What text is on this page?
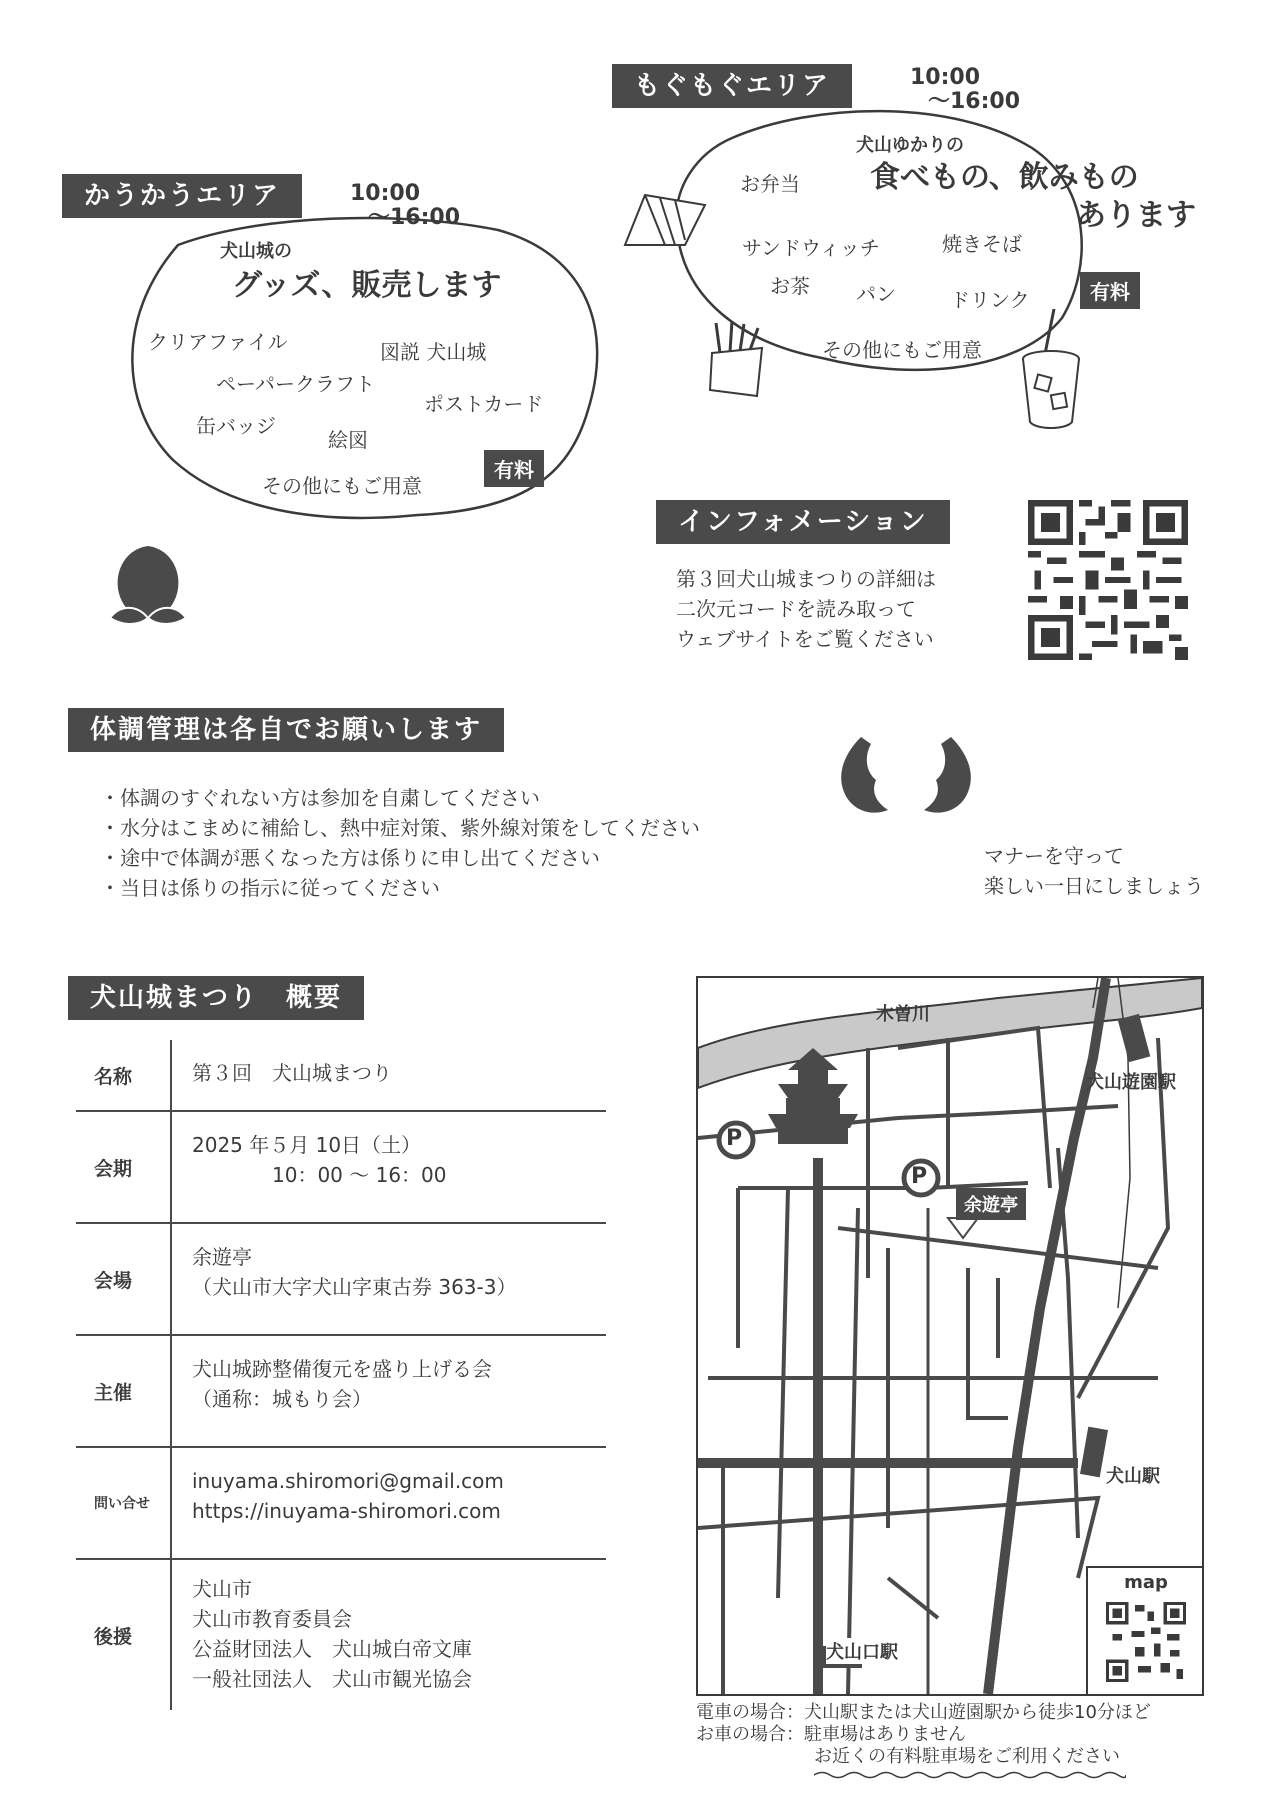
かうかうエリア	10:00
～16:00
犬山城の
グッズ、販売します
クリアファイル	図説 犬山城
ペーパークラフト
ポストカード
缶バッジ
絵図
その他にもご用意
有料
もぐもぐエリア	10:00
～16:00
犬山ゆかりの
食べもの、飲みもの
あります
お弁当
サンドウィッチ	焼きそば
お茶 パン	ドリンク
その他にもご用意
有料
インフォメーション
第３回犬山城まつりの詳細は
二次元コードを読み取って
ウェブサイトをご覧ください
体調管理は各自でお願いします
・体調のすぐれない方は参加を自粛してください
・水分はこまめに補給し、熱中症対策、紫外線対策をしてください
・途中で体調が悪くなった方は係りに申し出てください
・当日は係りの指示に従ってください
マナーを守って
楽しい一日にしましょう
犬山城まつり　概要
名称	第３回　犬山城まつり
会期
2025 年５月 10日（土）
　　　　10：00 ～ 16：00
会場
余遊亭
（犬山市大字犬山字東古券 363-3）
主催
犬山城跡整備復元を盛り上げる会
（通称：城もり会）
問い合せ
inuyama.shiromori@gmail.com
https://inuyama-shiromori.com
後援
犬山市
犬山市教育委員会
公益財団法人　犬山城白帝文庫
一般社団法人　犬山市観光協会
P
P
木曽川
犬山遊園駅
犬山駅
犬山口駅
余遊亭
map
電車の場合：犬山駅または犬山遊園駅から徒歩10分ほど
お車の場合：駐車場はありません
お近くの有料駐車場をご利用ください
